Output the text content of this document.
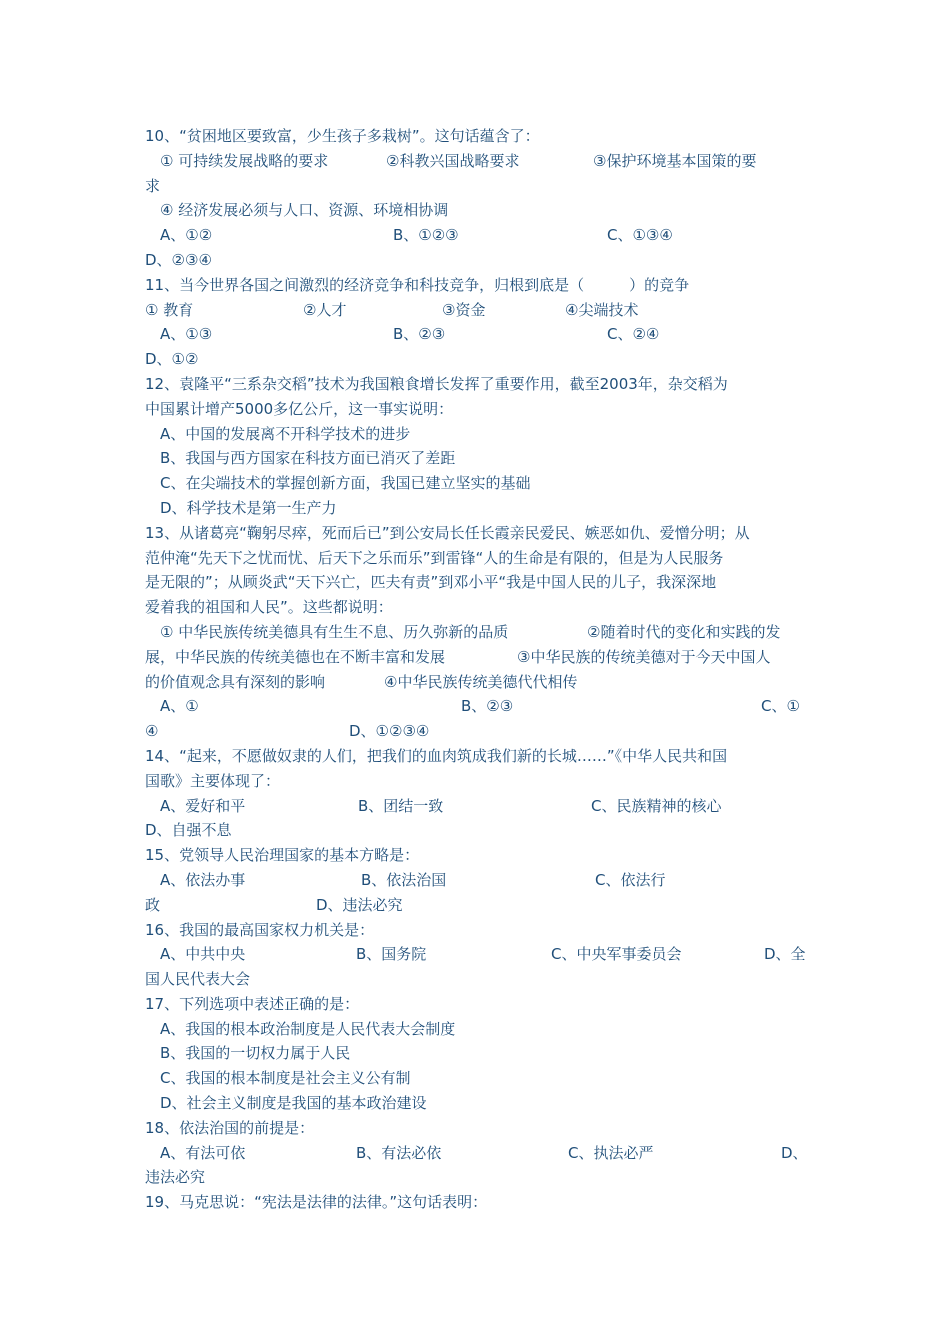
10、“贫困地区要致富，少生孩子多栽树”。这句话蕴含了：
① 可持续发展战略的要求	②科教兴国战略要求	③保护环境基本国策的要
求
④ 经济发展必须与人口、资源、环境相协调
A、①②	B、①②③	C、①③④
D、②③④
11、当今世界各国之间激烈的经济竞争和科技竞争，归根到底是（　　　）的竞争
① 教育	②人才	③资金	④尖端技术
A、①③	B、②③	C、②④
D、①②
12、袁隆平“三系杂交稻”技术为我国粮食增长发挥了重要作用，截至2003年，杂交稻为
中国累计增产5000多亿公斤，这一事实说明：
A、中国的发展离不开科学技术的进步
B、我国与西方国家在科技方面已消灭了差距
C、在尖端技术的掌握创新方面，我国已建立坚实的基础
D、科学技术是第一生产力
13、从诸葛亮“鞠躬尽瘁，死而后已”到公安局长任长霞亲民爱民、嫉恶如仇、爱憎分明；从
范仲淹“先天下之忧而忧、后天下之乐而乐”到雷锋“人的生命是有限的，但是为人民服务
是无限的”；从顾炎武“天下兴亡，匹夫有责”到邓小平“我是中国人民的儿子，我深深地
爱着我的祖国和人民”。这些都说明：
① 中华民族传统美德具有生生不息、历久弥新的品质	②随着时代的变化和实践的发
展，中华民族的传统美德也在不断丰富和发展	③中华民族的传统美德对于今天中国人
的价值观念具有深刻的影响	④中华民族传统美德代代相传
A、①	B、②③	C、①
④	D、①②③④
14、“起来，不愿做奴隶的人们，把我们的血肉筑成我们新的长城……”《中华人民共和国
国歌》主要体现了：
A、爱好和平	B、团结一致	C、民族精神的核心
D、自强不息
15、党领导人民治理国家的基本方略是：
A、依法办事	B、依法治国	C、依法行
政	D、违法必究
16、我国的最高国家权力机关是：
A、中共中央	B、国务院	C、中央军事委员会	D、全
国人民代表大会
17、下列选项中表述正确的是：
A、我国的根本政治制度是人民代表大会制度
B、我国的一切权力属于人民
C、我国的根本制度是社会主义公有制
D、社会主义制度是我国的基本政治建设
18、依法治国的前提是：
A、有法可依	B、有法必依	C、执法必严	D、
违法必究
19、马克思说：“宪法是法律的法律。”这句话表明：
